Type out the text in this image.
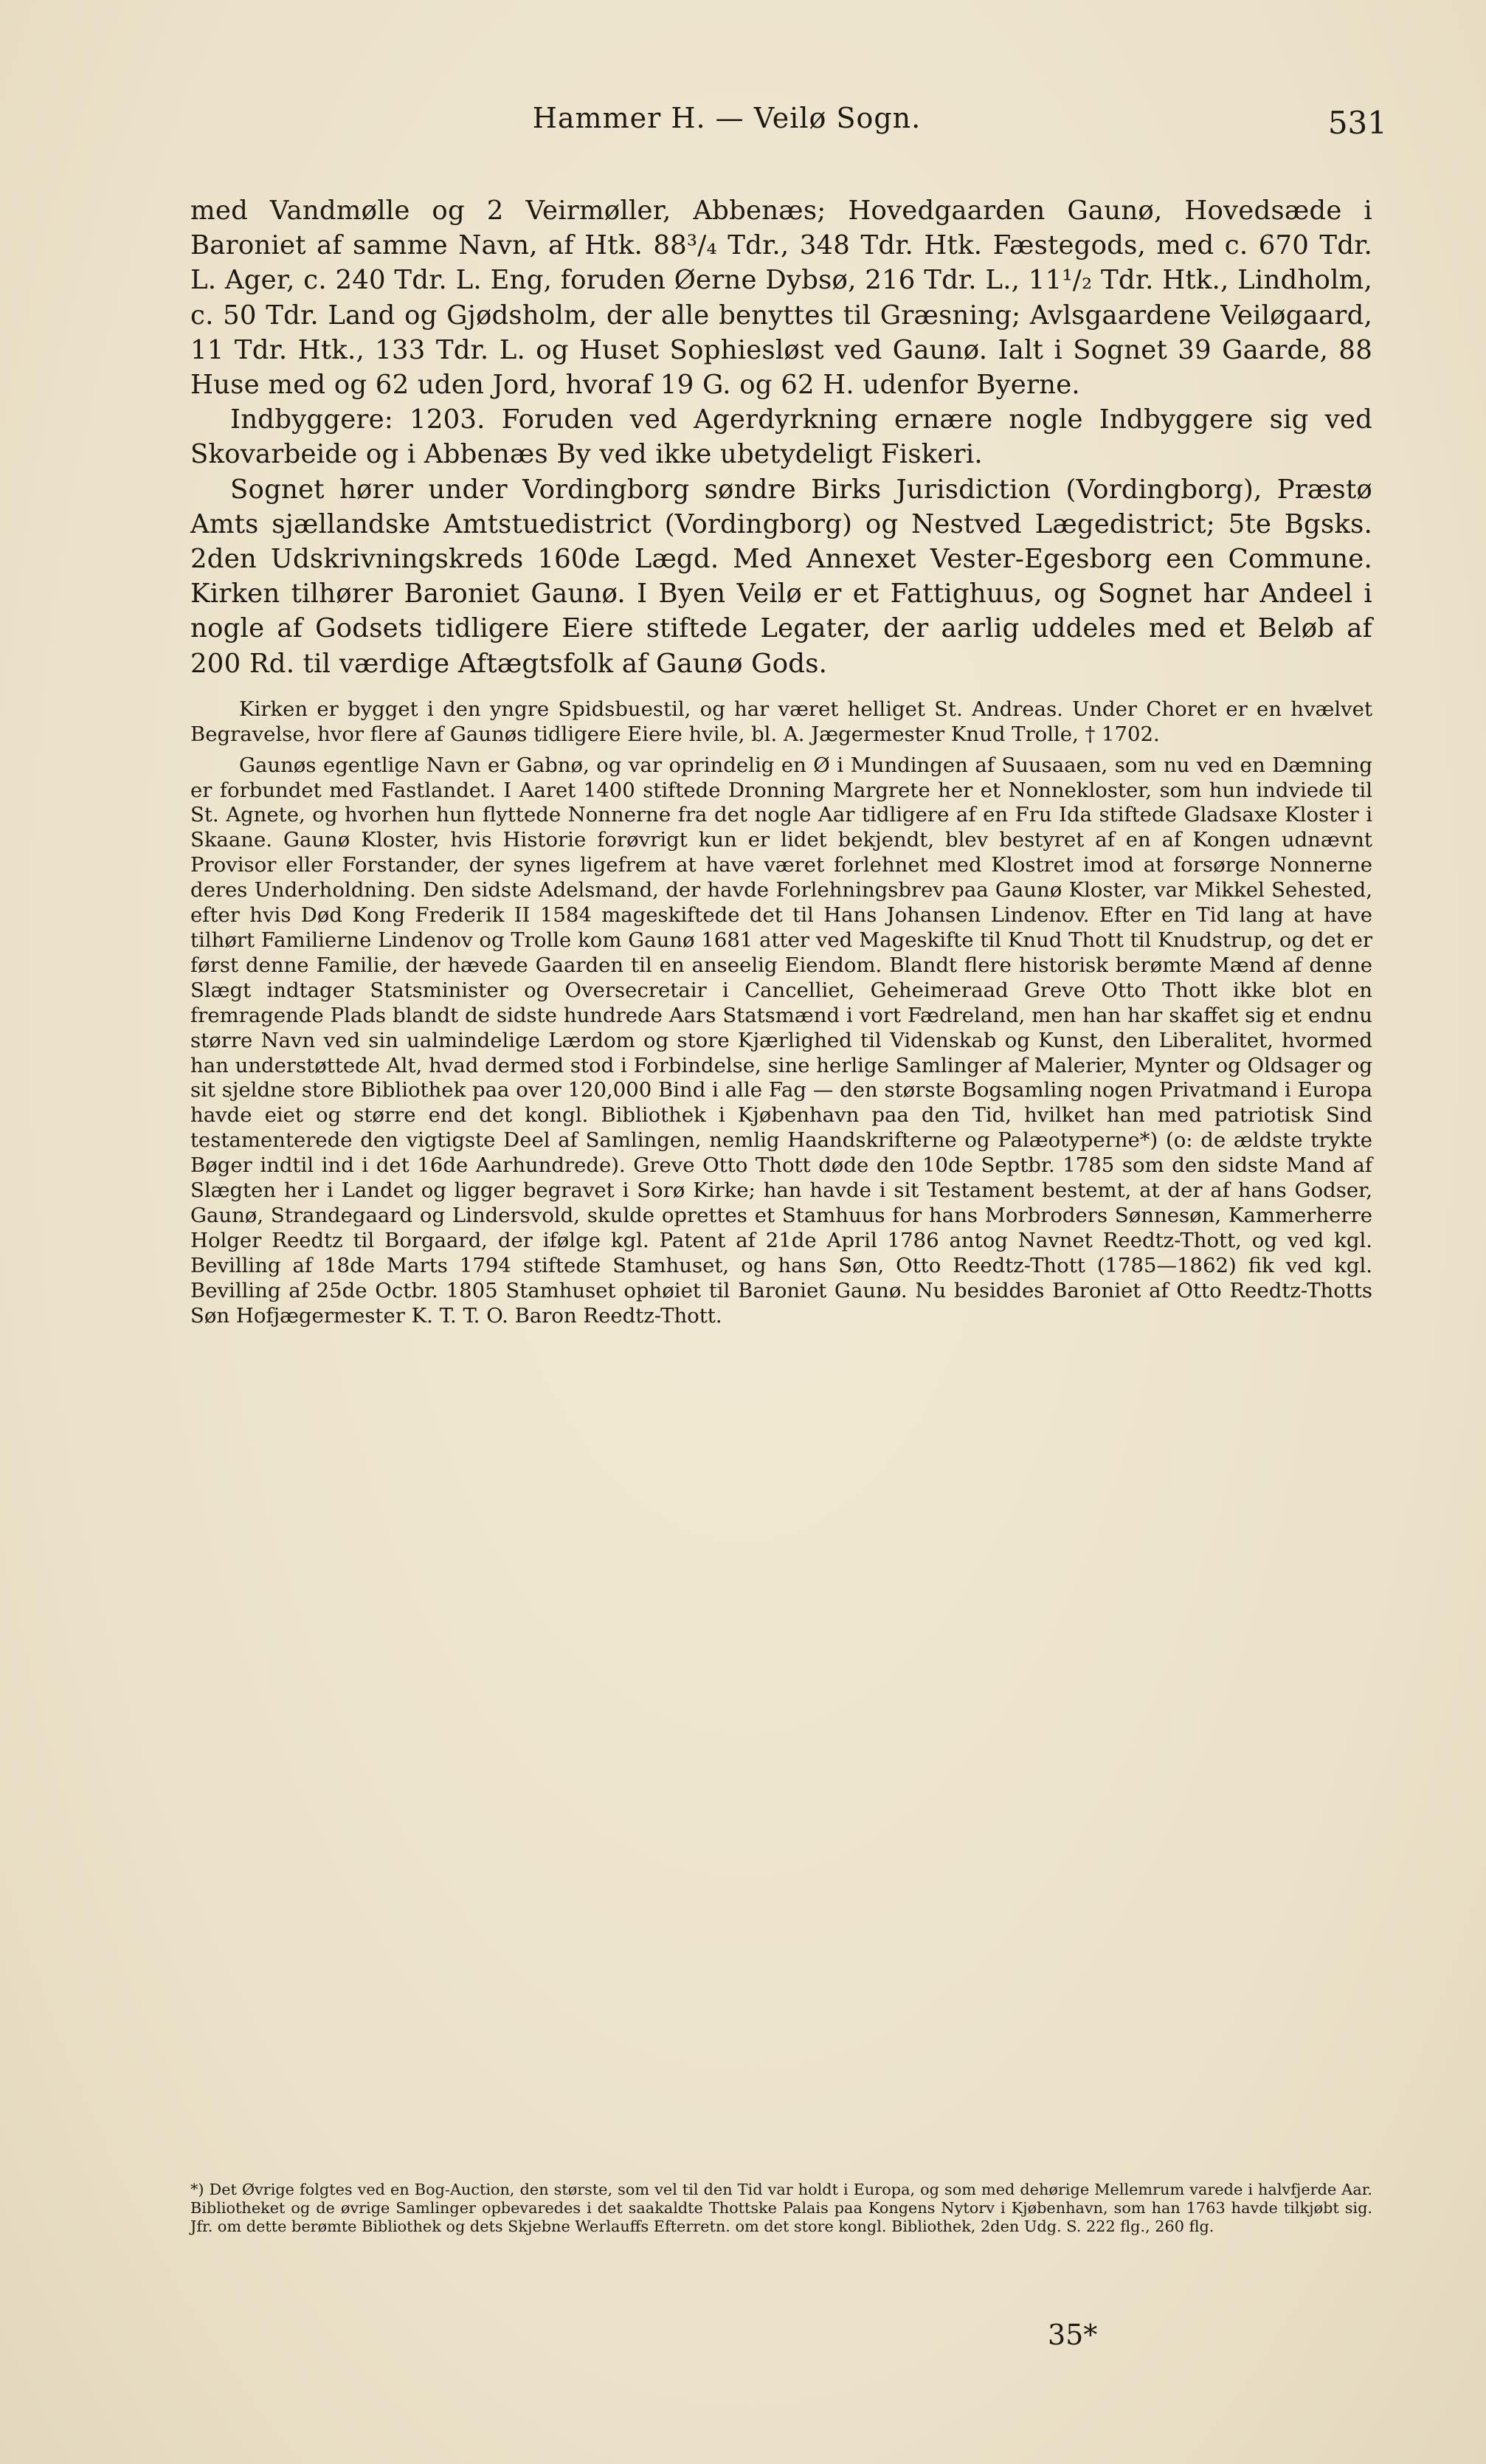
Hammer H. — Veilø Sogn.	531

med Vandmølle og 2 Veirmøller, Abbenæs; Hovedgaarden Gaunø, Hovedsæde i Baroniet af samme Navn, af Htk. 88³/₄ Tdr., 348 Tdr. Htk. Fæstegods, med c. 670 Tdr. L. Ager, c. 240 Tdr. L. Eng, foruden Øerne Dybsø, 216 Tdr. L., 11¹/₂ Tdr. Htk., Lindholm, c. 50 Tdr. Land og Gjødsholm, der alle benyttes til Græsning; Avlsgaardene Veiløgaard, 11 Tdr. Htk., 133 Tdr. L. og Huset Sophiesløst ved Gaunø. Ialt i Sognet 39 Gaarde, 88 Huse med og 62 uden Jord, hvoraf 19 G. og 62 H. udenfor Byerne.

Indbyggere: 1203. Foruden ved Agerdyrkning ernære nogle Indbyggere sig ved Skovarbeide og i Abbenæs By ved ikke ubetydeligt Fiskeri.

Sognet hører under Vordingborg søndre Birks Jurisdiction (Vordingborg), Præstø Amts sjællandske Amtstuedistrict (Vordingborg) og Nestved Lægedistrict; 5te Bgsks. 2den Udskrivningskreds 160de Lægd. Med Annexet Vester-Egesborg een Commune. Kirken tilhører Baroniet Gaunø. I Byen Veilø er et Fattighuus, og Sognet har Andeel i nogle af Godsets tidligere Eiere stiftede Legater, der aarlig uddeles med et Beløb af 200 Rd. til værdige Aftægtsfolk af Gaunø Gods.

Kirken er bygget i den yngre Spidsbuestil, og har været helliget St. Andreas. Under Choret er en hvælvet Begravelse, hvor flere af Gaunøs tidligere Eiere hvile, bl. A. Jægermester Knud Trolle, † 1702.

Gaunøs egentlige Navn er Gabnø, og var oprindelig en Ø i Mundingen af Suusaaen, som nu ved en Dæmning er forbundet med Fastlandet. I Aaret 1400 stiftede Dronning Margrete her et Nonnekloster, som hun indviede til St. Agnete, og hvorhen hun flyttede Nonnerne fra det nogle Aar tidligere af en Fru Ida stiftede Gladsaxe Kloster i Skaane. Gaunø Kloster, hvis Historie forøvrigt kun er lidet bekjendt, blev bestyret af en af Kongen udnævnt Provisor eller Forstander, der synes ligefrem at have været forlehnet med Klostret imod at forsørge Nonnerne deres Underholdning. Den sidste Adelsmand, der havde Forlehningsbrev paa Gaunø Kloster, var Mikkel Sehested, efter hvis Død Kong Frederik II 1584 mageskiftede det til Hans Johansen Lindenov. Efter en Tid lang at have tilhørt Familierne Lindenov og Trolle kom Gaunø 1681 atter ved Mageskifte til Knud Thott til Knudstrup, og det er først denne Familie, der hævede Gaarden til en anseelig Eiendom. Blandt flere historisk berømte Mænd af denne Slægt indtager Statsminister og Oversecretair i Cancelliet, Geheimeraad Greve Otto Thott ikke blot en fremragende Plads blandt de sidste hundrede Aars Statsmænd i vort Fædreland, men han har skaffet sig et endnu større Navn ved sin ualmindelige Lærdom og store Kjærlighed til Videnskab og Kunst, den Liberalitet, hvormed han understøttede Alt, hvad dermed stod i Forbindelse, sine herlige Samlinger af Malerier, Mynter og Oldsager og sit sjeldne store Bibliothek paa over 120,000 Bind i alle Fag — den største Bogsamling nogen Privatmand i Europa havde eiet og større end det kongl. Bibliothek i Kjøbenhavn paa den Tid, hvilket han med patriotisk Sind testamenterede den vigtigste Deel af Samlingen, nemlig Haandskrifterne og Palæotyperne*) (o: de ældste trykte Bøger indtil ind i det 16de Aarhundrede). Greve Otto Thott døde den 10de Septbr. 1785 som den sidste Mand af Slægten her i Landet og ligger begravet i Sorø Kirke; han havde i sit Testament bestemt, at der af hans Godser, Gaunø, Strandegaard og Lindersvold, skulde oprettes et Stamhuus for hans Morbroders Sønnesøn, Kammerherre Holger Reedtz til Borgaard, der ifølge kgl. Patent af 21de April 1786 antog Navnet Reedtz-Thott, og ved kgl. Bevilling af 18de Marts 1794 stiftede Stamhuset, og hans Søn, Otto Reedtz-Thott (1785—1862) fik ved kgl. Bevilling af 25de Octbr. 1805 Stamhuset ophøiet til Baroniet Gaunø. Nu besiddes Baroniet af Otto Reedtz-Thotts Søn Hofjægermester K. T. T. O. Baron Reedtz-Thott.

*) Det Øvrige folgtes ved en Bog-Auction, den største, som vel til den Tid var holdt i Europa, og som med dehørige Mellemrum varede i halvfjerde Aar. Bibliotheket og de øvrige Samlinger opbevaredes i det saakaldte Thottske Palais paa Kongens Nytorv i Kjøbenhavn, som han 1763 havde tilkjøbt sig. Jfr. om dette berømte Bibliothek og dets Skjebne Werlauffs Efterretn. om det store kongl. Bibliothek, 2den Udg. S. 222 flg., 260 flg.

35*
